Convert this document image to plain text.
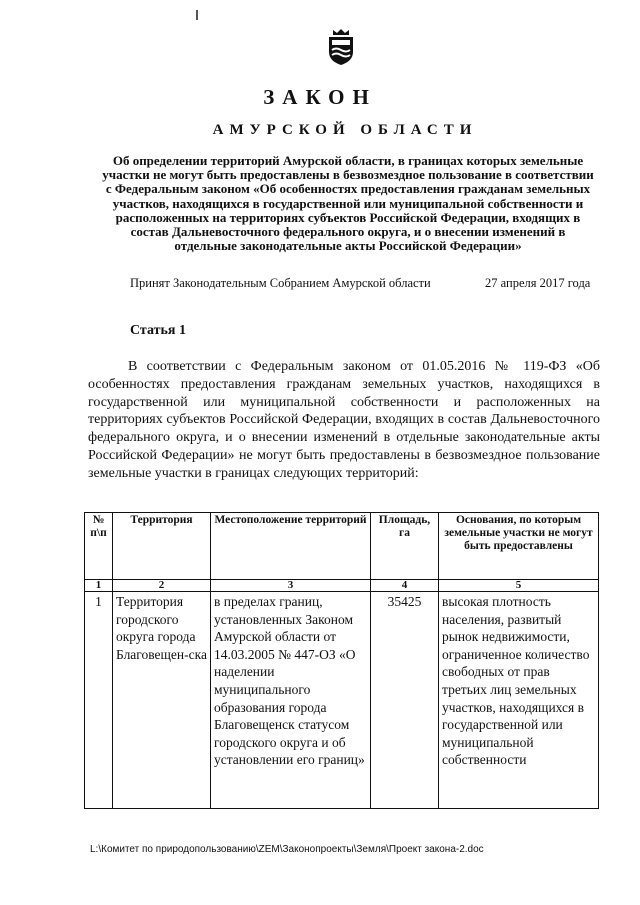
ЗАКОН
АМУРСКОЙ ОБЛАСТИ
Об определении территорий Амурской области, в границах которых земельные участки не могут быть предоставлены в безвозмездное пользование в соответствии с Федеральным законом «Об особенностях предоставления гражданам земельных участков, находящихся в государственной или муниципальной собственности и расположенных на территориях субъектов Российской Федерации, входящих в состав Дальневосточного федерального округа, и о внесении изменений в отдельные законодательные акты Российской Федерации»
Принят Законодательным Собранием Амурской области	27 апреля 2017 года
Статья 1

В соответствии с Федеральным законом от 01.05.2016 № 119-ФЗ «Об особенностях предоставления гражданам земельных участков, находящихся в государственной или муниципальной собственности и расположенных на территориях субъектов Российской Федерации, входящих в состав Дальневосточного федерального округа, и о внесении изменений в отдельные законодательные акты Российской Федерации» не могут быть предоставлены в безвозмездное пользование земельные участки в границах следующих территорий:

№ п\п	Территория	Местоположение территорий	Площадь, га	Основания, по которым земельные участки не могут быть предоставлены
1	2	3	4	5
1	Территория городского округа города Благовещен-ска	в пределах границ, установленных Законом Амурской области от 14.03.2005 № 447-ОЗ «О наделении муниципального образования города Благовещенск статусом городского округа и об установлении его границ»	35425	высокая плотность населения, развитый рынок недвижимости, ограниченное количество свободных от прав третьих лиц земельных участков, находящихся в государственной или муниципальной собственности
L:\Комитет по природопользованию\ZEM\Законопроекты\Земля\Проект закона-2.doc
